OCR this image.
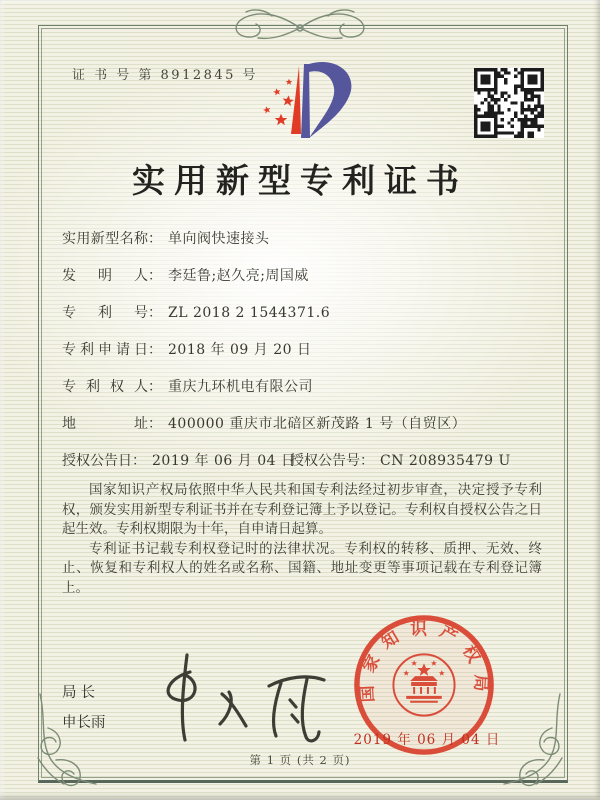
证 书 号 第 8912845 号
实用新型专利证书
实用新型名称： 单向阀快速接头
发明人： 李廷鲁;赵久亮;周国威
专利号： ZL 2018 2 1544371.6
专利申请日： 2018 年 09 月 20 日
专利权人： 重庆九环机电有限公司
地址： 400000 重庆市北碚区新茂路 1 号（自贸区）
授权公告日： 2019 年 06 月 04 日
授权公告号： CN 208935479 U

国家知识产权局依照中华人民共和国专利法经过初步审查，决定授予专利权，颁发实用新型专利证书并在专利登记簿上予以登记。专利权自授权公告之日起生效。专利权期限为十年，自申请日起算。

专利证书记载专利权登记时的法律状况。专利权的转移、质押、无效、终止、恢复和专利权人的姓名或名称、国籍、地址变更等事项记载在专利登记簿上。

局长
申长雨
国家知识产权局
2019 年 06 月 04 日
第 1 页 (共 2 页)
